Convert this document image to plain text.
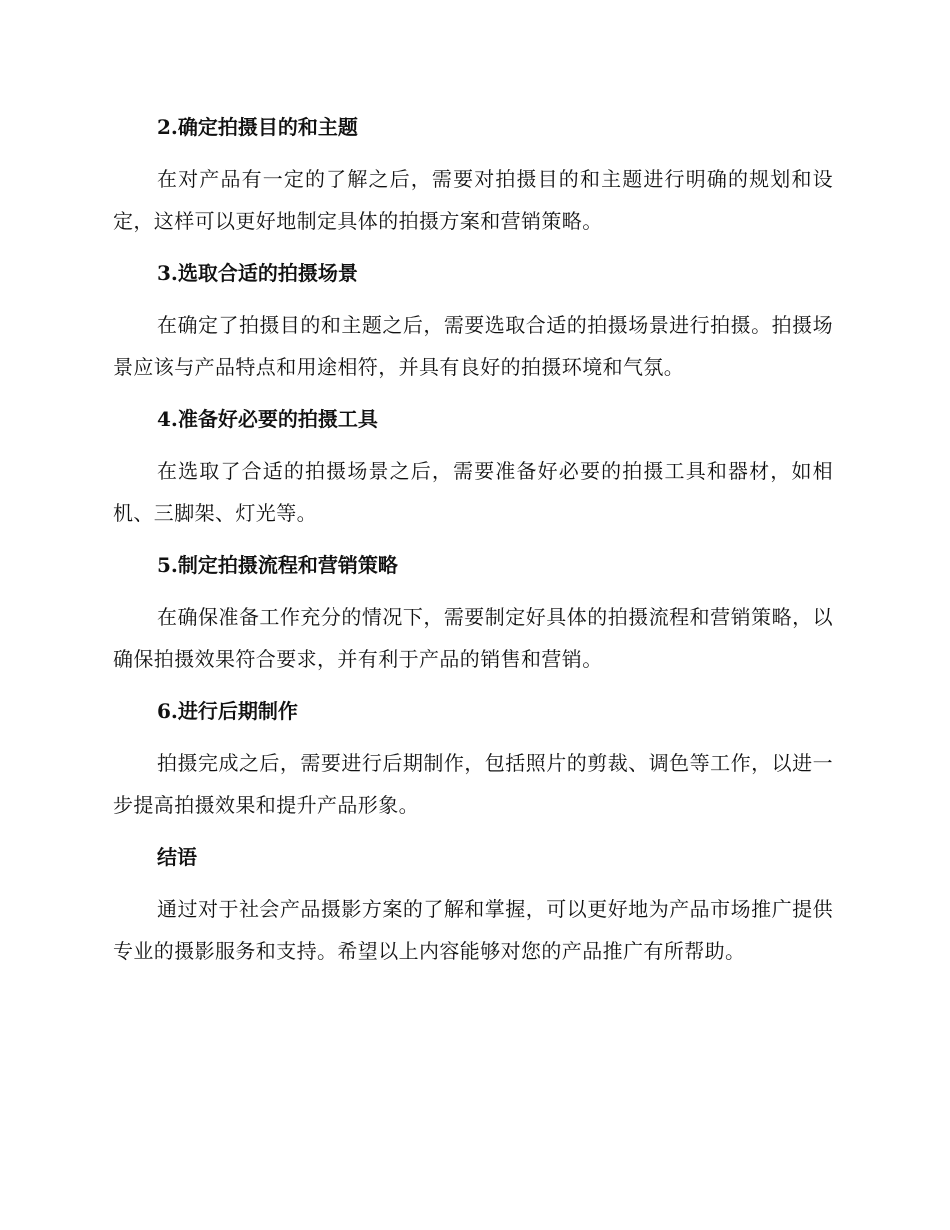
2.确定拍摄目的和主题

在对产品有一定的了解之后，需要对拍摄目的和主题进行明确的规划和设定，这样可以更好地制定具体的拍摄方案和营销策略。

3.选取合适的拍摄场景

在确定了拍摄目的和主题之后，需要选取合适的拍摄场景进行拍摄。拍摄场景应该与产品特点和用途相符，并具有良好的拍摄环境和气氛。

4.准备好必要的拍摄工具

在选取了合适的拍摄场景之后，需要准备好必要的拍摄工具和器材，如相机、三脚架、灯光等。

5.制定拍摄流程和营销策略

在确保准备工作充分的情况下，需要制定好具体的拍摄流程和营销策略，以确保拍摄效果符合要求，并有利于产品的销售和营销。

6.进行后期制作

拍摄完成之后，需要进行后期制作，包括照片的剪裁、调色等工作，以进一步提高拍摄效果和提升产品形象。

结语

通过对于社会产品摄影方案的了解和掌握，可以更好地为产品市场推广提供专业的摄影服务和支持。希望以上内容能够对您的产品推广有所帮助。
